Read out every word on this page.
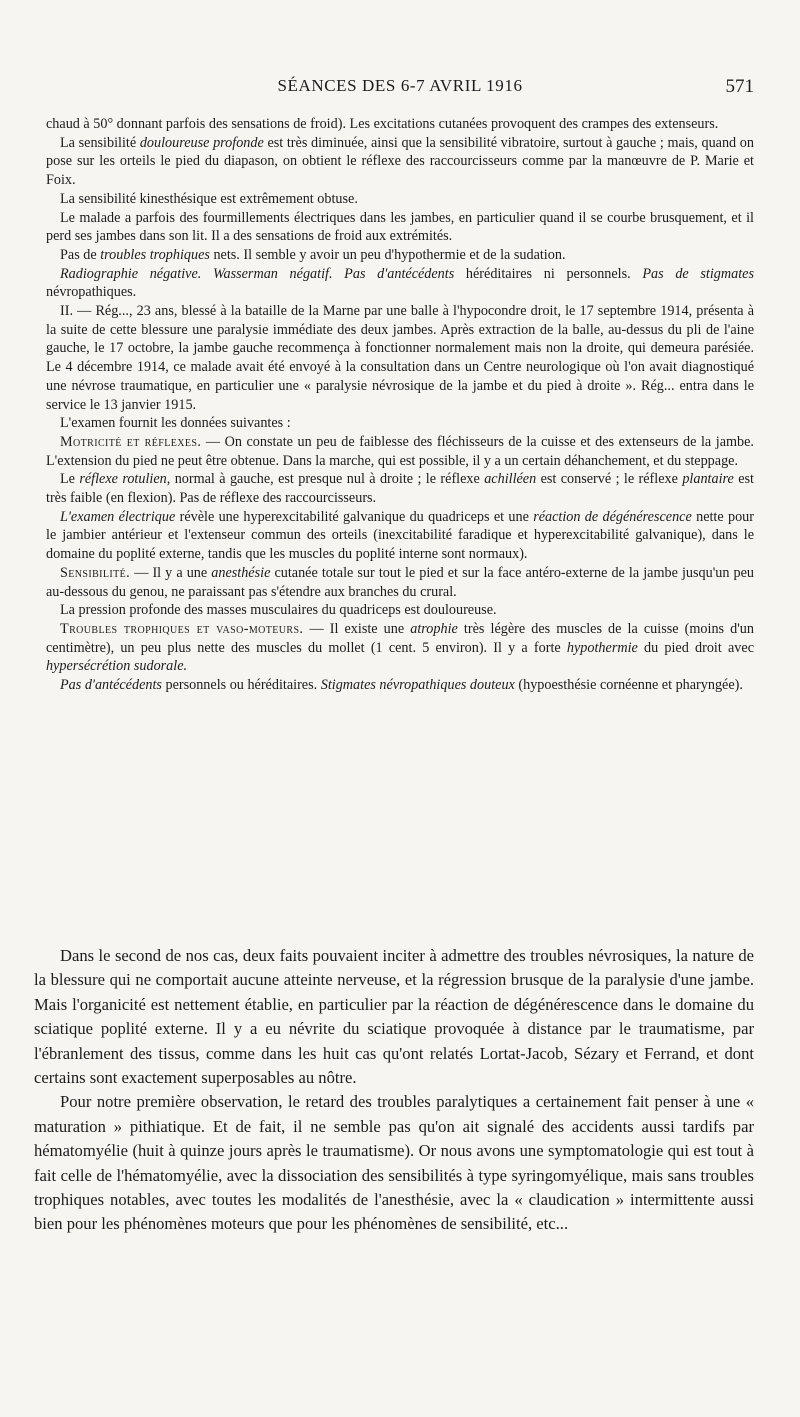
SÉANCES DES 6-7 AVRIL 1916	571

chaud à 50° donnant parfois des sensations de froid). Les excitations cutanées provoquent des crampes des extenseurs.

La sensibilité douloureuse profonde est très diminuée, ainsi que la sensibilité vibratoire, surtout à gauche ; mais, quand on pose sur les orteils le pied du diapason, on obtient le réflexe des raccourcisseurs comme par la manœuvre de P. Marie et Foix.

La sensibilité kinesthésique est extrêmement obtuse.

Le malade a parfois des fourmillements électriques dans les jambes, en particulier quand il se courbe brusquement, et il perd ses jambes dans son lit. Il a des sensations de froid aux extrémités.

Pas de troubles trophiques nets. Il semble y avoir un peu d'hypothermie et de la sudation.

Radiographie négative. Wasserman négatif. Pas d'antécédents héréditaires ni personnels. Pas de stigmates névropathiques.

II. — Rég..., 23 ans, blessé à la bataille de la Marne par une balle à l'hypocondre droit, le 17 septembre 1914, présenta à la suite de cette blessure une paralysie immédiate des deux jambes. Après extraction de la balle, au-dessus du pli de l'aine gauche, le 17 octobre, la jambe gauche recommença à fonctionner normalement mais non la droite, qui demeura parésiée. Le 4 décembre 1914, ce malade avait été envoyé à la consultation dans un Centre neurologique où l'on avait diagnostiqué une névrose traumatique, en particulier une « paralysie névrosique de la jambe et du pied à droite ». Rég... entra dans le service le 13 janvier 1915.

L'examen fournit les données suivantes :

Motricité et réflexes. — On constate un peu de faiblesse des fléchisseurs de la cuisse et des extenseurs de la jambe. L'extension du pied ne peut être obtenue. Dans la marche, qui est possible, il y a un certain déhanchement, et du steppage.

Le réflexe rotulien, normal à gauche, est presque nul à droite ; le réflexe achilléen est conservé ; le réflexe plantaire est très faible (en flexion). Pas de réflexe des raccourcisseurs.

L'examen électrique révèle une hyperexcitabilité galvanique du quadriceps et une réaction de dégénérescence nette pour le jambier antérieur et l'extenseur commun des orteils (inexcitabilité faradique et hyperexcitabilité galvanique), dans le domaine du poplité externe, tandis que les muscles du poplité interne sont normaux).

Sensibilité. — Il y a une anesthésie cutanée totale sur tout le pied et sur la face antéro-externe de la jambe jusqu'un peu au-dessous du genou, ne paraissant pas s'étendre aux branches du crural.

La pression profonde des masses musculaires du quadriceps est douloureuse.

Troubles trophiques et vaso-moteurs. — Il existe une atrophie très légère des muscles de la cuisse (moins d'un centimètre), un peu plus nette des muscles du mollet (1 cent. 5 environ). Il y a forte hypothermie du pied droit avec hypersécrétion sudorale.

Pas d'antécédents personnels ou héréditaires. Stigmates névropathiques douteux (hypoesthésie cornéenne et pharyngée).

Dans le second de nos cas, deux faits pouvaient inciter à admettre des troubles névrosiques, la nature de la blessure qui ne comportait aucune atteinte nerveuse, et la régression brusque de la paralysie d'une jambe. Mais l'organicité est nettement établie, en particulier par la réaction de dégénérescence dans le domaine du sciatique poplité externe. Il y a eu névrite du sciatique provoquée à distance par le traumatisme, par l'ébranlement des tissus, comme dans les huit cas qu'ont relatés Lortat-Jacob, Sézary et Ferrand, et dont certains sont exactement superposables au nôtre.

Pour notre première observation, le retard des troubles paralytiques a certainement fait penser à une « maturation » pithiatique. Et de fait, il ne semble pas qu'on ait signalé des accidents aussi tardifs par hématomyélie (huit à quinze jours après le traumatisme). Or nous avons une symptomatologie qui est tout à fait celle de l'hématomyélie, avec la dissociation des sensibilités à type syringomyélique, mais sans troubles trophiques notables, avec toutes les modalités de l'anesthésie, avec la « claudication » intermittente aussi bien pour les phénomènes moteurs que pour les phénomènes de sensibilité, etc...
